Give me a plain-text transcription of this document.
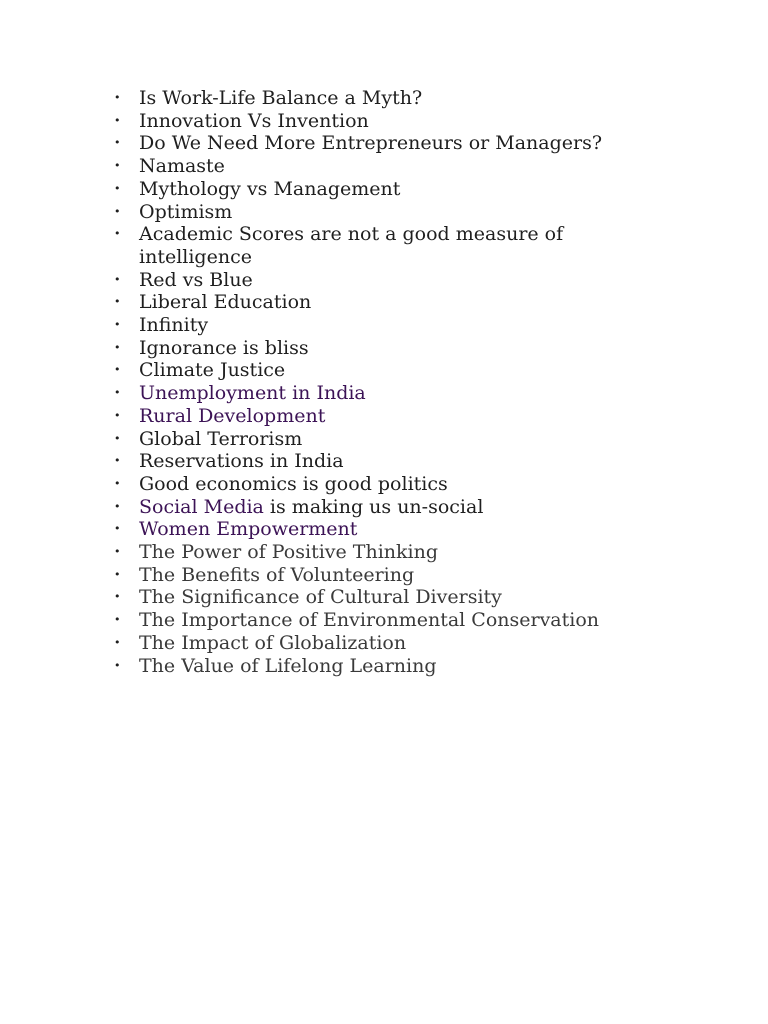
• Is Work-Life Balance a Myth?
• Innovation Vs Invention
• Do We Need More Entrepreneurs or Managers?
• Namaste
• Mythology vs Management
• Optimism
• Academic Scores are not a good measure of intelligence
• Red vs Blue
• Liberal Education
• Infinity
• Ignorance is bliss
• Climate Justice
• Unemployment in India
• Rural Development
• Global Terrorism
• Reservations in India
• Good economics is good politics
• Social Media is making us un-social
• Women Empowerment
• The Power of Positive Thinking
• The Benefits of Volunteering
• The Significance of Cultural Diversity
• The Importance of Environmental Conservation
• The Impact of Globalization
• The Value of Lifelong Learning
